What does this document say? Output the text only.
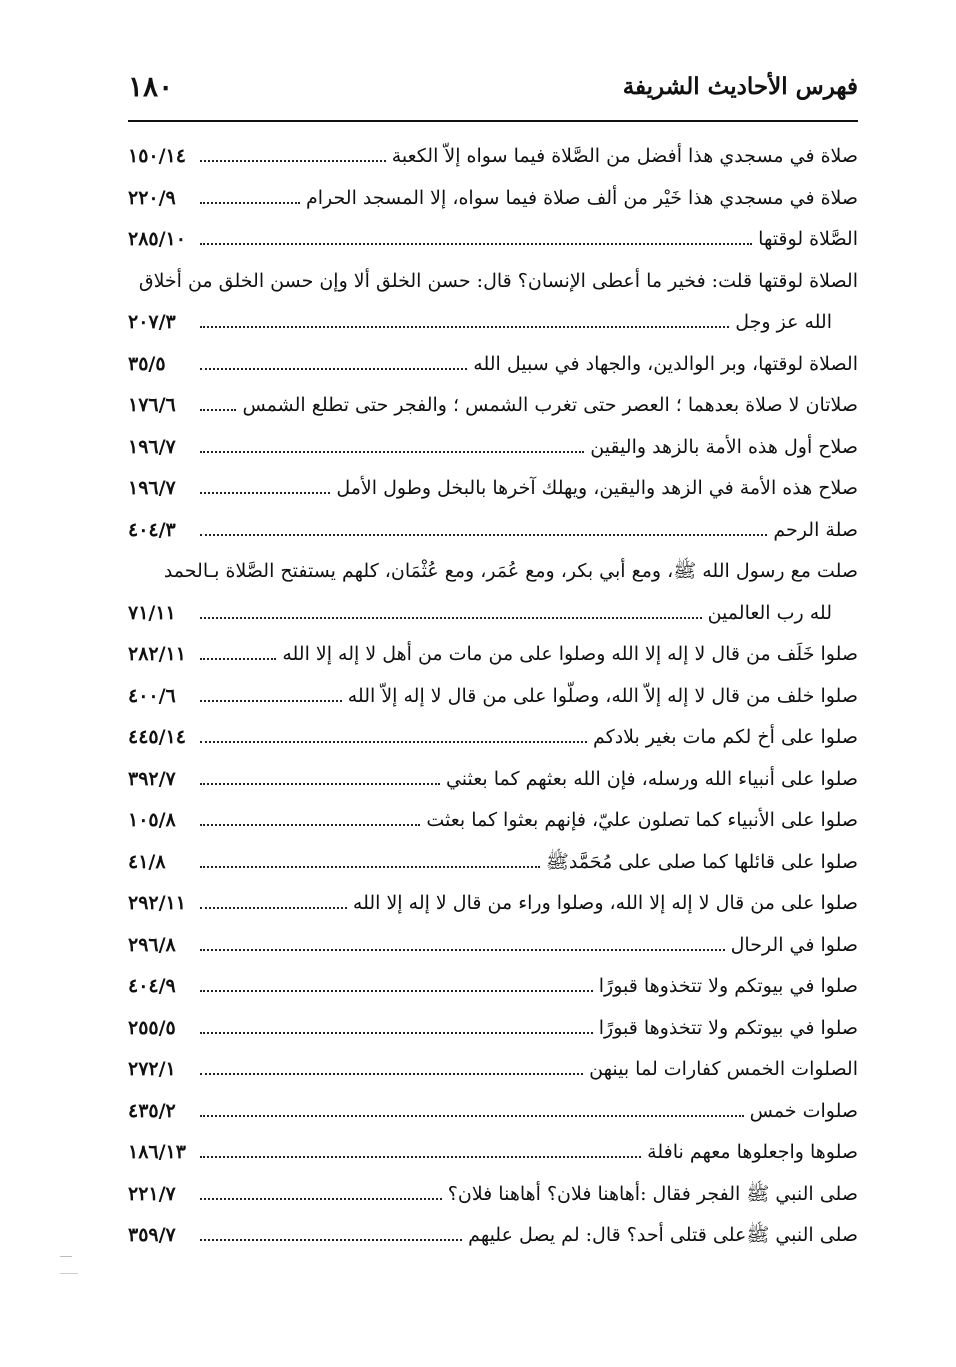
فهرس الأحاديث الشريفة
١٨٠
صلاة في مسجدي هذا أفضل من الصَّلاة فيما سواه إلاّ الكعبة
١٥٠/١٤
صلاة في مسجدي هذا خَيْر من ألف صلاة فيما سواه، إلا المسجد الحرام
٢٢٠/٩
الصَّلاة لوقتها
٢٨٥/١٠
الصلاة لوقتها قلت: فخير ما أعطى الإنسان؟ قال: حسن الخلق ألا وإن حسن الخلق من أخلاق
الله عز وجل
٢٠٧/٣
الصلاة لوقتها، وبر الوالدين، والجهاد في سبيل الله
٣٥/٥
صلاتان لا صلاة بعدهما ؛ العصر حتى تغرب الشمس ؛ والفجر حتى تطلع الشمس
١٧٦/٦
صلاح أول هذه الأمة بالزهد واليقين
١٩٦/٧
صلاح هذه الأمة في الزهد واليقين، ويهلك آخرها بالبخل وطول الأمل
١٩٦/٧
صلة الرحم
٤٠٤/٣
صلت مع رسول الله ﷺ، ومع أبي بكر، ومع عُمَر، ومع عُثْمَان، كلهم يستفتح الصَّلاة بـالحمد
لله رب العالمين
٧١/١١
صلوا خَلَف من قال لا إله إلا الله وصلوا على من مات من أهل لا إله إلا الله
٢٨٢/١١
صلوا خلف من قال لا إله إلاّ الله، وصلّوا على من قال لا إله إلاّ الله
٤٠٠/٦
صلوا على أخ لكم مات بغير بلادكم
٤٤٥/١٤
صلوا على أنبياء الله ورسله، فإن الله بعثهم كما بعثني
٣٩٢/٧
صلوا على الأنبياء كما تصلون عليّ، فإنهم بعثوا كما بعثت
١٠٥/٨
صلوا على قائلها كما صلى على مُحَمَّدﷺ
٤١/٨
صلوا على من قال لا إله إلا الله، وصلوا وراء من قال لا إله إلا الله
٢٩٢/١١
صلوا في الرحال
٢٩٦/٨
صلوا في بيوتكم ولا تتخذوها قبورًا
٤٠٤/٩
صلوا في بيوتكم ولا تتخذوها قبورًا
٢٥٥/٥
الصلوات الخمس كفارات لما بينهن
٢٧٢/١
صلوات خمس
٤٣٥/٢
صلوها واجعلوها معهم نافلة
١٨٦/١٣
صلى النبي ﷺ الفجر فقال :أهاهنا فلان؟ أهاهنا فلان؟
٢٢١/٧
صلى النبي ﷺعلى قتلى أحد؟ قال: لم يصل عليهم
٣٥٩/٧
